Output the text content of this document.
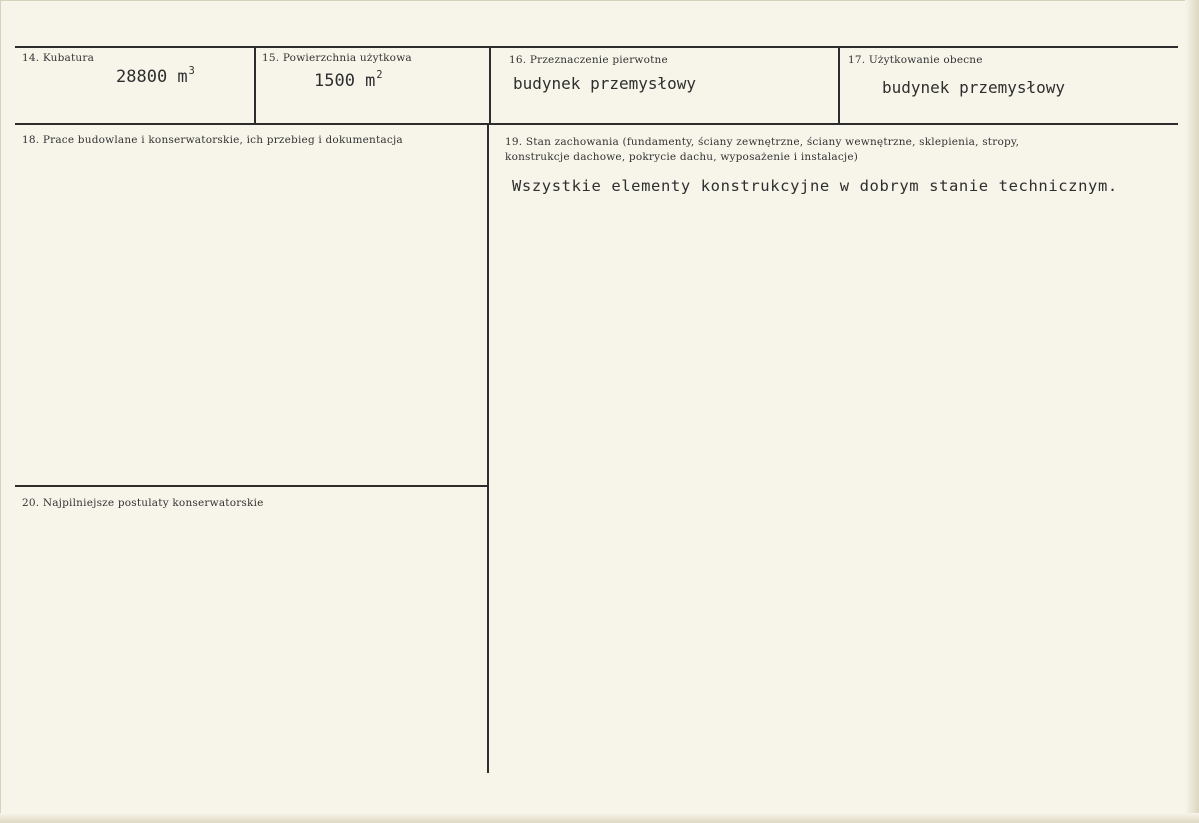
14. Kubatura
28800 $m^3$
15. Powierzchnia użytkowa
1500 $m^2$
16. Przeznaczenie pierwotne
budynek przemysłowy
17. Użytkowanie obecne
budynek przemysłowy
18. Prace budowlane i konserwatorskie, ich przebieg i dokumentacja	19. Stan zachowania (fundamenty, ściany zewnętrzne, ściany wewnętrzne, sklepienia, stropy,
konstrukcje dachowe, pokrycie dachu, wyposażenie i instalacje)
Wszystkie elementy konstrukcyjne w dobrym stanie technicznym.
20. Najpilniejsze postulaty konserwatorskie
